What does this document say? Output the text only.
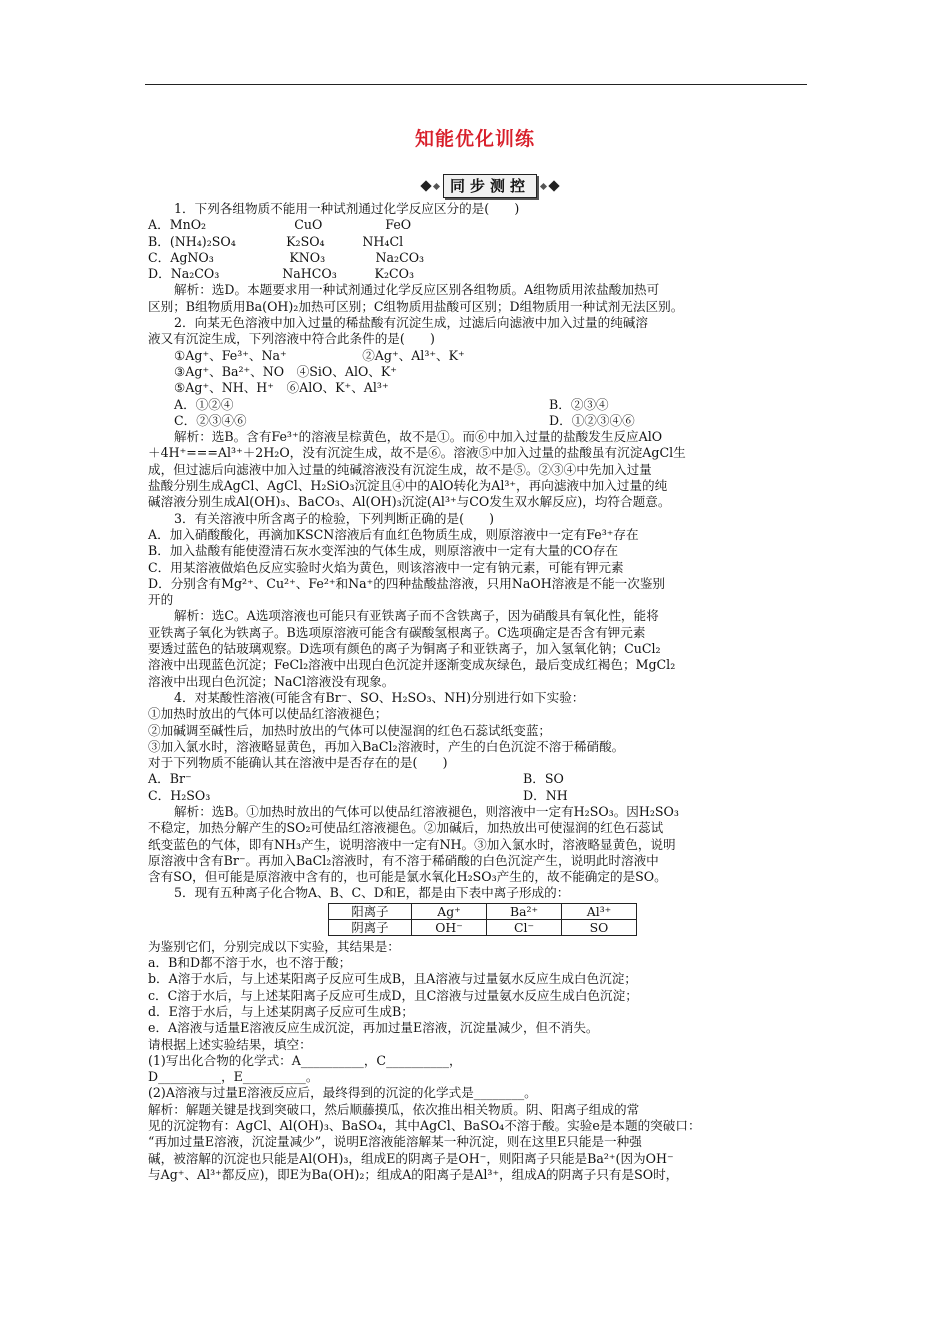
知能优化训练
同步测控
1．下列各组物质不能用一种试剂通过化学反应区分的是(　　)
A．MnO₂　　　　　　　CuO　　　　　FeO
B．(NH₄)₂SO₄　　　　K₂SO₄　　　NH₄Cl
C．AgNO₃　　　　　　KNO₃　　　　Na₂CO₃
D．Na₂CO₃　　　　　NaHCO₃　　　K₂CO₃
解析：选D。本题要求用一种试剂通过化学反应区别各组物质。A组物质用浓盐酸加热可
区别；B组物质用Ba(OH)₂加热可区别；C组物质用盐酸可区别；D组物质用一种试剂无法区别。
2．向某无色溶液中加入过量的稀盐酸有沉淀生成，过滤后向滤液中加入过量的纯碱溶
液又有沉淀生成，下列溶液中符合此条件的是(　　)
①Ag⁺、Fe³⁺、Na⁺　　　　　　②Ag⁺、Al³⁺、K⁺
③Ag⁺、Ba²⁺、NO　④SiO、AlO、K⁺
⑤Ag⁺、NH、H⁺　⑥AlO、K⁺、Al³⁺
A．①②④	B．②③④
C．②③④⑥	D．①②③④⑥
解析：选B。含有Fe³⁺的溶液呈棕黄色，故不是①。而⑥中加入过量的盐酸发生反应AlO
＋4H⁺===Al³⁺＋2H₂O，没有沉淀生成，故不是⑥。溶液⑤中加入过量的盐酸虽有沉淀AgCl生
成，但过滤后向滤液中加入过量的纯碱溶液没有沉淀生成，故不是⑤。②③④中先加入过量
盐酸分别生成AgCl、AgCl、H₂SiO₃沉淀且④中的AlO转化为Al³⁺，再向滤液中加入过量的纯
碱溶液分别生成Al(OH)₃、BaCO₃、Al(OH)₃沉淀(Al³⁺与CO发生双水解反应)，均符合题意。
3．有关溶液中所含离子的检验，下列判断正确的是(　　)
A．加入硝酸酸化，再滴加KSCN溶液后有血红色物质生成，则原溶液中一定有Fe³⁺存在
B．加入盐酸有能使澄清石灰水变浑浊的气体生成，则原溶液中一定有大量的CO存在
C．用某溶液做焰色反应实验时火焰为黄色，则该溶液中一定有钠元素，可能有钾元素
D．分别含有Mg²⁺、Cu²⁺、Fe²⁺和Na⁺的四种盐酸盐溶液，只用NaOH溶液是不能一次鉴别
开的
解析：选C。A选项溶液也可能只有亚铁离子而不含铁离子，因为硝酸具有氧化性，能将
亚铁离子氧化为铁离子。B选项原溶液可能含有碳酸氢根离子。C选项确定是否含有钾元素
要透过蓝色的钴玻璃观察。D选项有颜色的离子为铜离子和亚铁离子，加入氢氧化钠；CuCl₂
溶液中出现蓝色沉淀；FeCl₂溶液中出现白色沉淀并逐渐变成灰绿色，最后变成红褐色；MgCl₂
溶液中出现白色沉淀；NaCl溶液没有现象。
4．对某酸性溶液(可能含有Br⁻、SO、H₂SO₃、NH)分别进行如下实验：
①加热时放出的气体可以使品红溶液褪色；
②加碱调至碱性后，加热时放出的气体可以使湿润的红色石蕊试纸变蓝；
③加入氯水时，溶液略显黄色，再加入BaCl₂溶液时，产生的白色沉淀不溶于稀硝酸。
对于下列物质不能确认其在溶液中是否存在的是(　　)
A．Br⁻	B．SO
C．H₂SO₃	D．NH
解析：选B。①加热时放出的气体可以使品红溶液褪色，则溶液中一定有H₂SO₃。因H₂SO₃
不稳定，加热分解产生的SO₂可使品红溶液褪色。②加碱后，加热放出可使湿润的红色石蕊试
纸变蓝色的气体，即有NH₃产生，说明溶液中一定有NH。③加入氯水时，溶液略显黄色，说明
原溶液中含有Br⁻。再加入BaCl₂溶液时，有不溶于稀硝酸的白色沉淀产生，说明此时溶液中
含有SO，但可能是原溶液中含有的，也可能是氯水氧化H₂SO₃产生的，故不能确定的是SO。
5．现有五种离子化合物A、B、C、D和E，都是由下表中离子形成的：
阳离子	Ag⁺	Ba²⁺	Al³⁺
阴离子	OH⁻	Cl⁻	SO
为鉴别它们，分别完成以下实验，其结果是：
a．B和D都不溶于水，也不溶于酸；
b．A溶于水后，与上述某阳离子反应可生成B，且A溶液与过量氨水反应生成白色沉淀；
c．C溶于水后，与上述某阳离子反应可生成D，且C溶液与过量氨水反应生成白色沉淀；
d．E溶于水后，与上述某阴离子反应可生成B；
e．A溶液与适量E溶液反应生成沉淀，再加过量E溶液，沉淀量减少，但不消失。
请根据上述实验结果，填空：
(1)写出化合物的化学式：A__________，C__________，
D__________，E__________。
(2)A溶液与过量E溶液反应后，最终得到的沉淀的化学式是________。
解析：解题关键是找到突破口，然后顺藤摸瓜，依次推出相关物质。阴、阳离子组成的常
见的沉淀物有：AgCl、Al(OH)₃、BaSO₄，其中AgCl、BaSO₄不溶于酸。实验e是本题的突破口：
“再加过量E溶液，沉淀量减少”，说明E溶液能溶解某一种沉淀，则在这里E只能是一种强
碱，被溶解的沉淀也只能是Al(OH)₃，组成E的阴离子是OH⁻，则阳离子只能是Ba²⁺(因为OH⁻
与Ag⁺、Al³⁺都反应)，即E为Ba(OH)₂；组成A的阳离子是Al³⁺，组成A的阴离子只有是SO时，
